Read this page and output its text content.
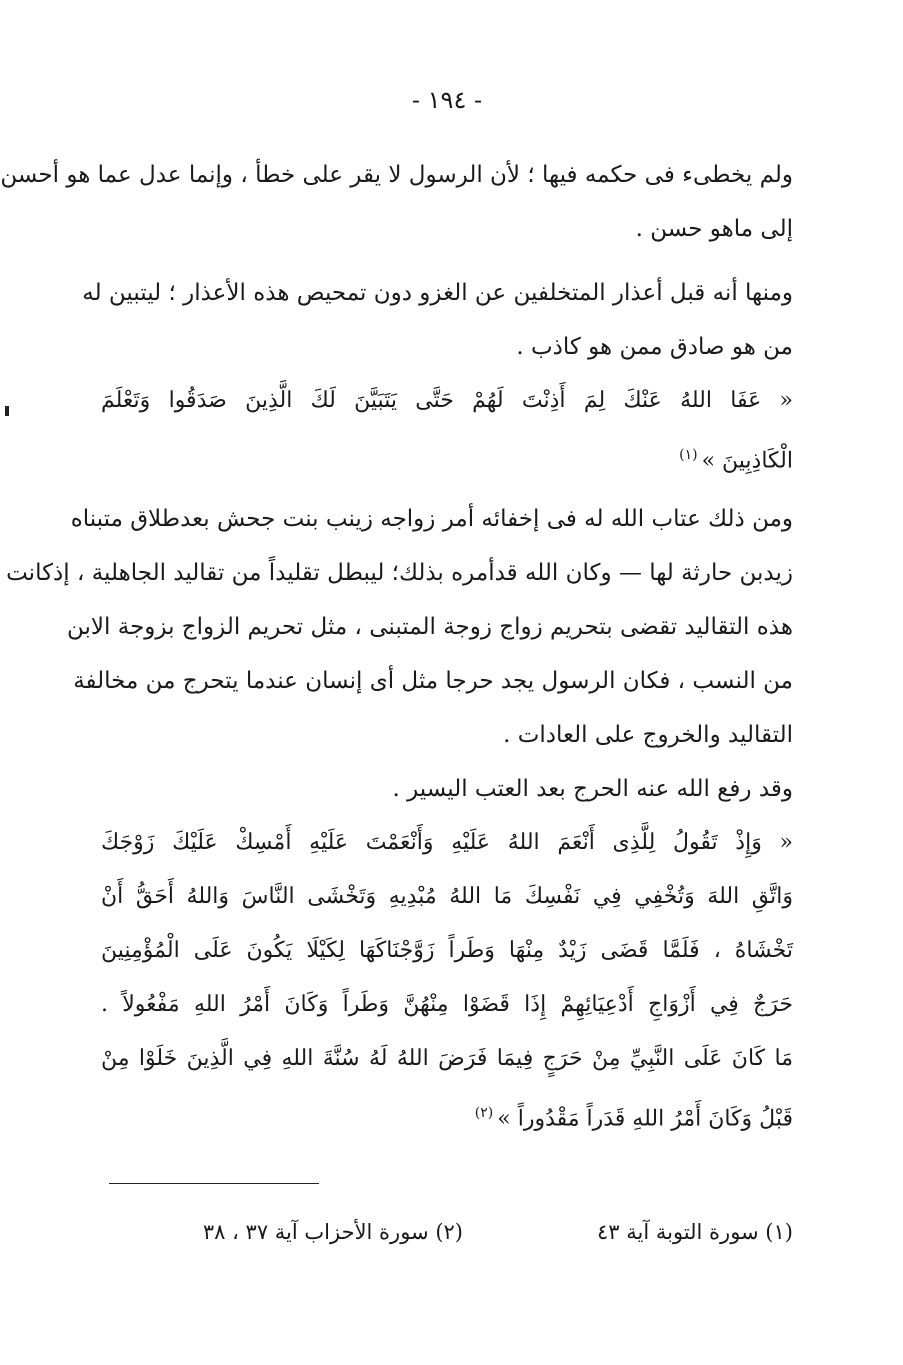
- ١٩٤ -
ولم يخطىء فى حكمه فيها ؛ لأن الرسول لا يقر على خطأ ، وإنما عدل عما هو أحسن
إلى ماهو حسن .
ومنها أنه قبل أعذار المتخلفين عن الغزو دون تمحيص هذه الأعذار ؛ ليتبين له
من هو صادق ممن هو كاذب .
« عَفَا اللهُ عَنْكَ لِمَ أَذِنْتَ لَهُمْ حَتَّى يَتَبَيَّنَ لَكَ الَّذِينَ صَدَقُوا وَتَعْلَمَ
الْكَاذِبِينَ »$^{(١)}$
ومن ذلك عتاب الله له فى إخفائه أمر زواجه زينب بنت جحش بعدطلاق متبناه
زيدبن حارثة لها — وكان الله قدأمره بذلك؛ ليبطل تقليداً من تقاليد الجاهلية ، إذكانت
هذه التقاليد تقضى بتحريم زواج زوجة المتبنى ، مثل تحريم الزواج بزوجة الابن
من النسب ، فكان الرسول يجد حرجا مثل أى إنسان عندما يتحرج من مخالفة
التقاليد والخروج على العادات .
وقد رفع الله عنه الحرج بعد العتب اليسير .
« وَإِذْ تَقُولُ لِلَّذِى أَنْعَمَ اللهُ عَلَيْهِ وَأَنْعَمْتَ عَلَيْهِ أَمْسِكْ عَلَيْكَ زَوْجَكَ
وَاتَّقِ اللهَ وَتُخْفِي فِي نَفْسِكَ مَا اللهُ مُبْدِيهِ وَتَخْشَى النَّاسَ وَاللهُ أَحَقُّ أَنْ
تَخْشَاهُ ، فَلَمَّا قَضَى زَيْدٌ مِنْهَا وَطَراً زَوَّجْنَاكَهَا لِكَيْلَا يَكُونَ عَلَى الْمُؤْمِنِينَ
حَرَجٌ فِي أَزْوَاجِ أَدْعِيَائِهِمْ إِذَا قَضَوْا مِنْهُنَّ وَطَراً وَكَانَ أَمْرُ اللهِ مَفْعُولاً .
مَا كَانَ عَلَى النَّبِيِّ مِنْ حَرَجٍ فِيمَا فَرَضَ اللهُ لَهُ سُنَّةَ اللهِ فِي الَّذِينَ خَلَوْا مِنْ
قَبْلُ وَكَانَ أَمْرُ اللهِ قَدَراً مَقْدُوراً »$^{(٢)}$
(١) سورة التوبة آية ٤٣
(٢) سورة الأحزاب آية ٣٧ ، ٣٨
